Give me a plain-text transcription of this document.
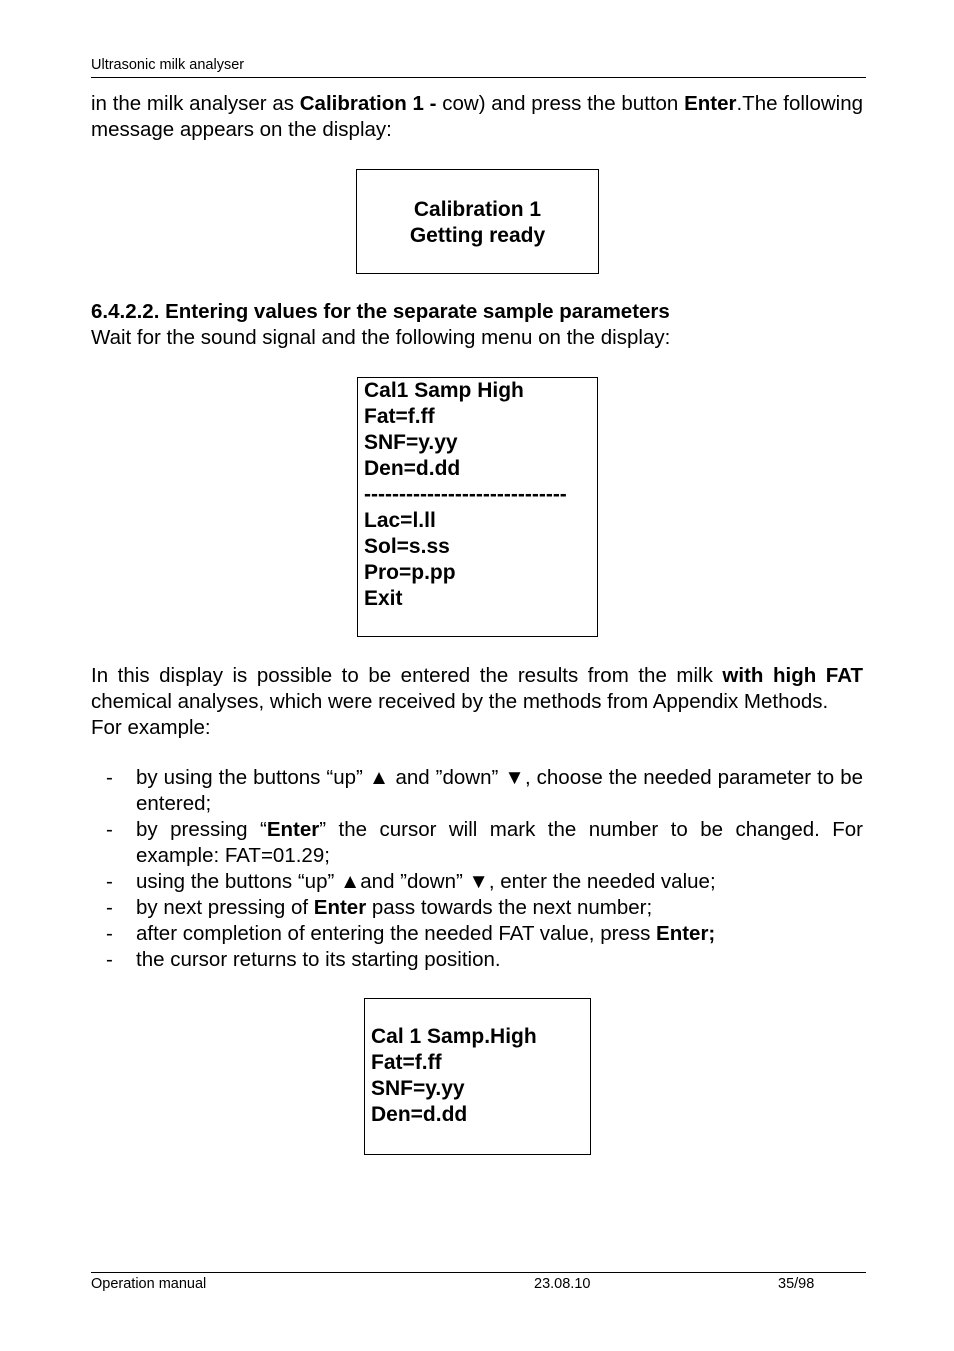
Ultrasonic milk analyser
in the milk analyser as Calibration 1 - cow) and press the button Enter.The following message appears on the display:
Calibration 1
Getting ready
6.4.2.2. Entering values for the separate sample parameters
Wait for the sound signal and the following menu on the display:
Cal1 Samp High
Fat=f.ff
SNF=y.yy
Den=d.dd
-----------------------------
Lac=l.ll
Sol=s.ss
Pro=p.pp
Exit
In this display is possible to be entered the results from the milk with high FAT chemical analyses, which were received by the methods from Appendix Methods.
For example:
- by using the buttons “up” ▲ and ”down” ▼, choose the needed parameter to be entered;
- by pressing “Enter” the cursor will mark the number to be changed. For example: FAT=01.29;
- using the buttons “up” ▲and ”down” ▼, enter the needed value;
- by next pressing of Enter pass towards the next number;
- after completion of entering the needed FAT value, press Enter;
- the cursor returns to its starting position.
Cal 1 Samp.High
Fat=f.ff
SNF=y.yy
Den=d.dd
Operation manual	23.08.10	35/98
